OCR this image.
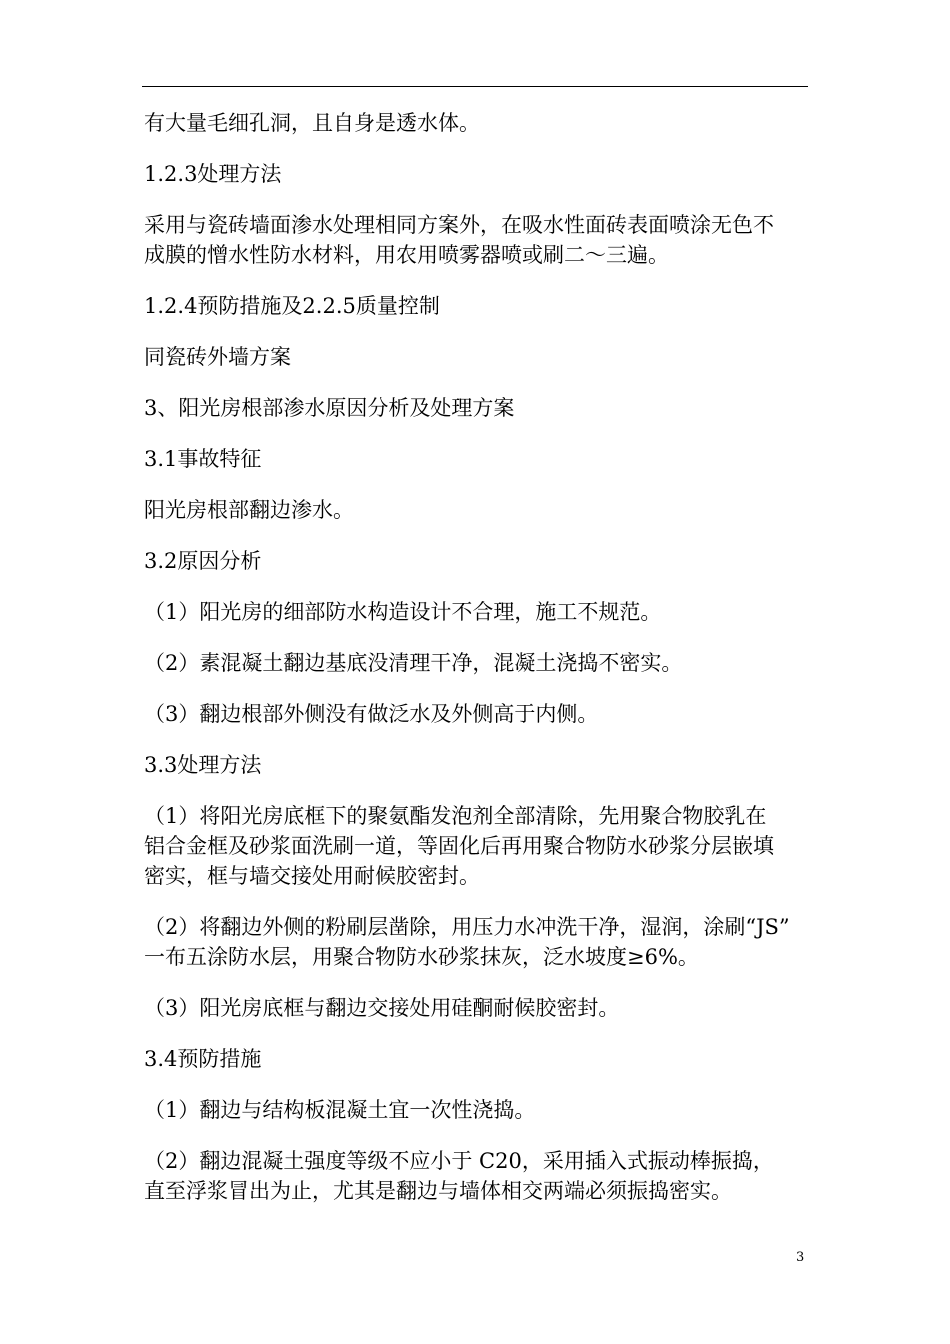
有大量毛细孔洞，且自身是透水体。

1.2.3处理方法

采用与瓷砖墙面渗水处理相同方案外，在吸水性面砖表面喷涂无色不
成膜的憎水性防水材料，用农用喷雾器喷或刷二～三遍。

1.2.4预防措施及2.2.5质量控制

同瓷砖外墙方案

3、阳光房根部渗水原因分析及处理方案

3.1事故特征

阳光房根部翻边渗水。

3.2原因分析

（1）阳光房的细部防水构造设计不合理，施工不规范。

（2）素混凝土翻边基底没清理干净，混凝土浇捣不密实。

（3）翻边根部外侧没有做泛水及外侧高于内侧。

3.3处理方法

（1）将阳光房底框下的聚氨酯发泡剂全部清除，先用聚合物胶乳在
铝合金框及砂浆面洗刷一道，等固化后再用聚合物防水砂浆分层嵌填
密实，框与墙交接处用耐候胶密封。

（2）将翻边外侧的粉刷层凿除，用压力水冲洗干净，湿润，涂刷“JS”
一布五涂防水层，用聚合物防水砂浆抹灰，泛水坡度≥6%。

（3）阳光房底框与翻边交接处用硅酮耐候胶密封。

3.4预防措施

（1）翻边与结构板混凝土宜一次性浇捣。

（2）翻边混凝土强度等级不应小于 C20，采用插入式振动棒振捣，
直至浮浆冒出为止，尤其是翻边与墙体相交两端必须振捣密实。

3
